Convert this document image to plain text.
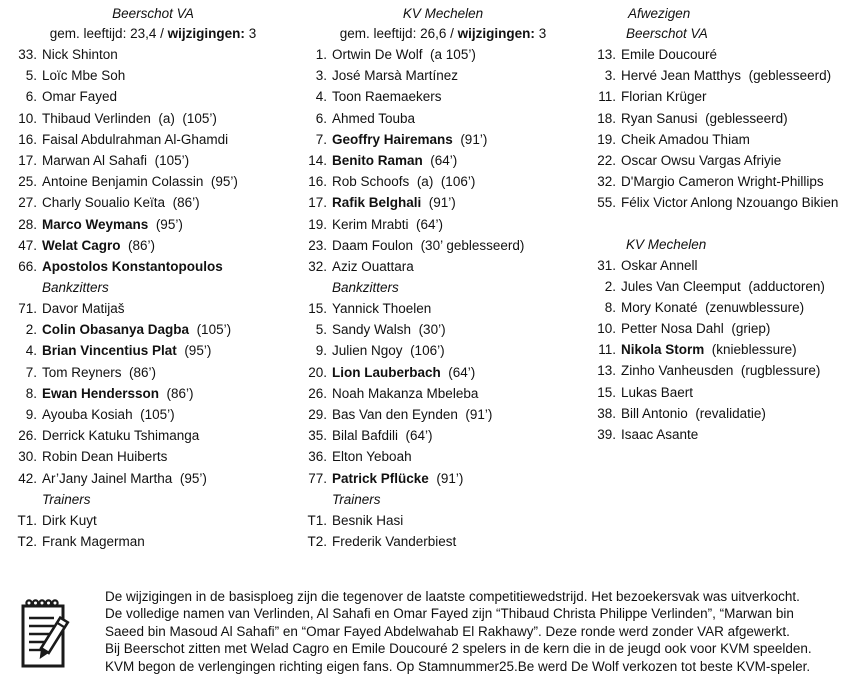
Beerschot VA
gem. leeftijd: 23,4 / wijzigingen: 3
33. Nick Shinton
5. Loïc Mbe Soh
6. Omar Fayed
10. Thibaud Verlinden (a)  (105’)
16. Faisal Abdulrahman Al-Ghamdi
17. Marwan Al Sahafi (105’)
25. Antoine Benjamin Colassin (95’)
27. Charly Soualio Keïta (86’)
28. Marco Weymans (95’)
47. Welat Cagro (86’)
66. Apostolos Konstantopoulos
Bankzitters
71. Davor Matijaš
2. Colin Obasanya Dagba (105’)
4. Brian Vincentius Plat (95’)
7. Tom Reyners (86’)
8. Ewan Hendersson (86’)
9. Ayouba Kosiah (105’)
26. Derrick Katuku Tshimanga
30. Robin Dean Huiberts
42. Ar’Jany Jainel Martha (95’)
Trainers
T1. Dirk Kuyt
T2. Frank Magerman
KV Mechelen
gem. leeftijd: 26,6 / wijzigingen: 3
1. Ortwin De Wolf (a 105’)
3. José Marsà Martínez
4. Toon Raemaekers
6. Ahmed Touba
7. Geoffry Hairemans (91’)
14. Benito Raman (64’)
16. Rob Schoofs (a)  (106’)
17. Rafik Belghali (91’)
19. Kerim Mrabti (64’)
23. Daam Foulon (30’ geblesseerd)
32. Aziz Ouattara
Bankzitters
15. Yannick Thoelen
5. Sandy Walsh (30’)
9. Julien Ngoy (106’)
20. Lion Lauberbach (64’)
26. Noah Makanza Mbeleba
29. Bas Van den Eynden (91’)
35. Bilal Bafdili (64’)
36. Elton Yeboah
77. Patrick Pflücke (91’)
Trainers
T1. Besnik Hasi
T2. Frederik Vanderbiest
Afwezigen
Beerschot VA
13. Emile Doucouré
3. Hervé Jean Matthys (geblesseerd)
11. Florian Krüger
18. Ryan Sanusi (geblesseerd)
19. Cheik Amadou Thiam
22. Oscar Owsu Vargas Afriyie
32. D'Margio Cameron Wright-Phillips
55. Félix Victor Anlong Nzouango Bikien
KV Mechelen
31. Oskar Annell
2. Jules Van Cleemput (adductoren)
8. Mory Konaté (zenuwblessure)
10. Petter Nosa Dahl (griep)
11. Nikola Storm (knieblessure)
13. Zinho Vanheusden (rugblessure)
15. Lukas Baert
38. Bill Antonio (revalidatie)
39. Isaac Asante

De wijzigingen in de basisploeg zijn die tegenover de laatste competitiewedstrijd. Het bezoekersvak was uitverkocht.

De volledige namen van Verlinden, Al Sahafi en Omar Fayed zijn “Thibaud Christa Philippe Verlinden”, “Marwan bin

Saeed bin Masoud Al Sahafi” en “Omar Fayed Abdelwahab El Rakhawy”. Deze ronde werd zonder VAR afgewerkt.

Bij Beerschot zitten met Welad Cagro en Emile Doucouré 2 spelers in de kern die in de jeugd ook voor KVM speelden.

KVM begon de verlengingen richting eigen fans. Op Stamnummer25.Be werd De Wolf verkozen tot beste KVM-speler.
